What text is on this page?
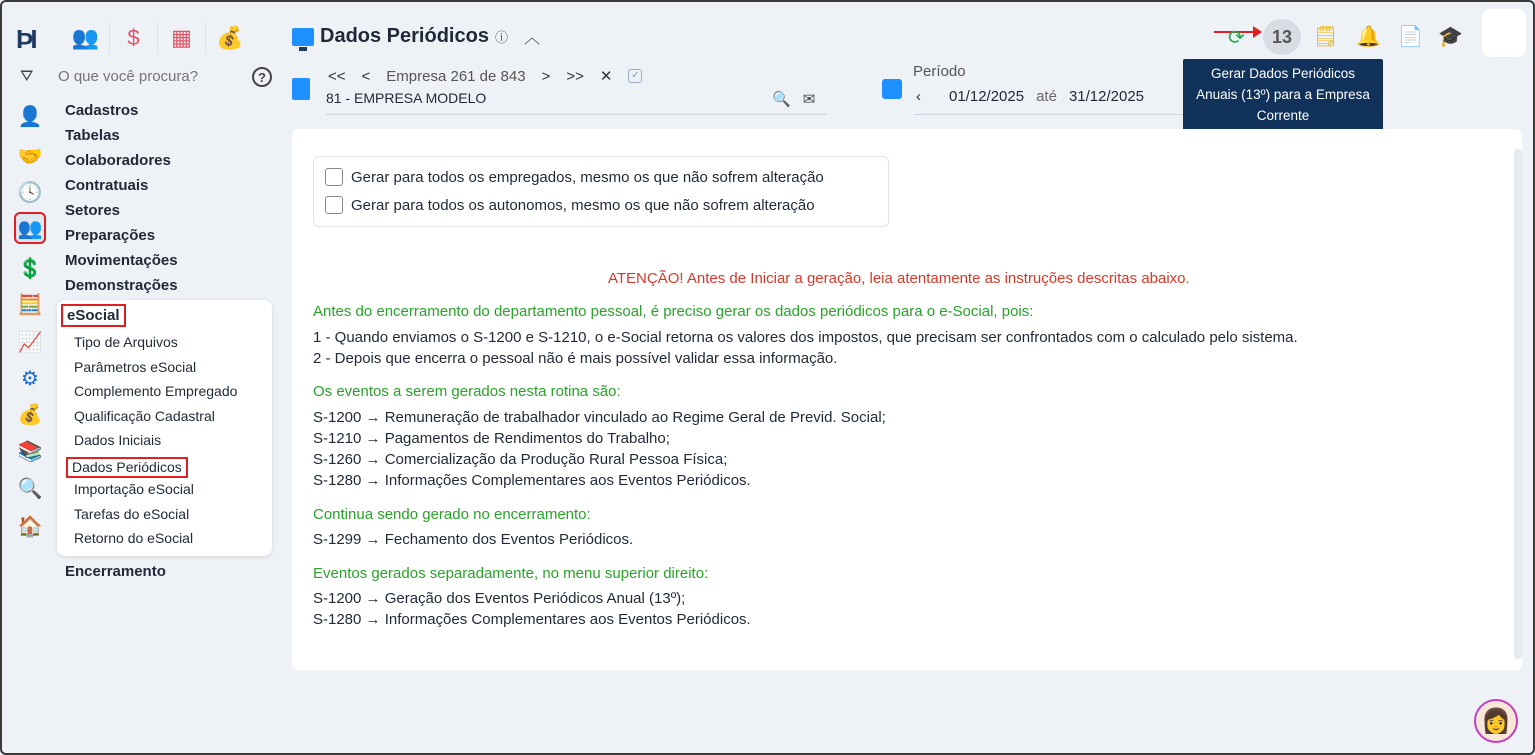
ÞI
👤
🤝
🕓
👥
💲
🧮
📈
⚙
💰
📚
🔍
🏠
👥	$	▦	💰
⛛
O que você procura?	?
Cadastros
Tabelas
Colaboradores
Contratuais
Setores
Preparações
Movimentações
Demonstrações
eSocial
Tipo de Arquivos
Parâmetros eSocial
Complemento Empregado
Qualificação Cadastral
Dados Iniciais
Dados Periódicos
Importação eSocial
Tarefas do eSocial
Retorno do eSocial
Encerramento
Dados Periódicos ⓘ ︿
<< < Empresa 261 de 843 > >> ✕ ✓
81 - EMPRESA MODELO	🔍 ✉
Período
‹ 01/12/2025 até 31/12/2025
⟳	13	🗒 🔔 📄 🎓
Gerar Dados Periódicos
Anuais (13º) para a Empresa
Corrente
Gerar para todos os empregados, mesmo os que não sofrem alteração
Gerar para todos os autonomos, mesmo os que não sofrem alteração
ATENÇÃO! Antes de Iniciar a geração, leia atentamente as instruções descritas abaixo.
Antes do encerramento do departamento pessoal, é preciso gerar os dados periódicos para o e-Social, pois:
1 - Quando enviamos o S-1200 e S-1210, o e-Social retorna os valores dos impostos, que precisam ser confrontados com o calculado pelo sistema.
2 - Depois que encerra o pessoal não é mais possível validar essa informação.
Os eventos a serem gerados nesta rotina são:
S-1200 → Remuneração de trabalhador vinculado ao Regime Geral de Previd. Social;
S-1210 → Pagamentos de Rendimentos do Trabalho;
S-1260 → Comercialização da Produção Rural Pessoa Física;
S-1280 → Informações Complementares aos Eventos Periódicos.
Continua sendo gerado no encerramento:
S-1299 → Fechamento dos Eventos Periódicos.
Eventos gerados separadamente, no menu superior direito:
S-1200 → Geração dos Eventos Periódicos Anual (13º);
S-1280 → Informações Complementares aos Eventos Periódicos.
👩
